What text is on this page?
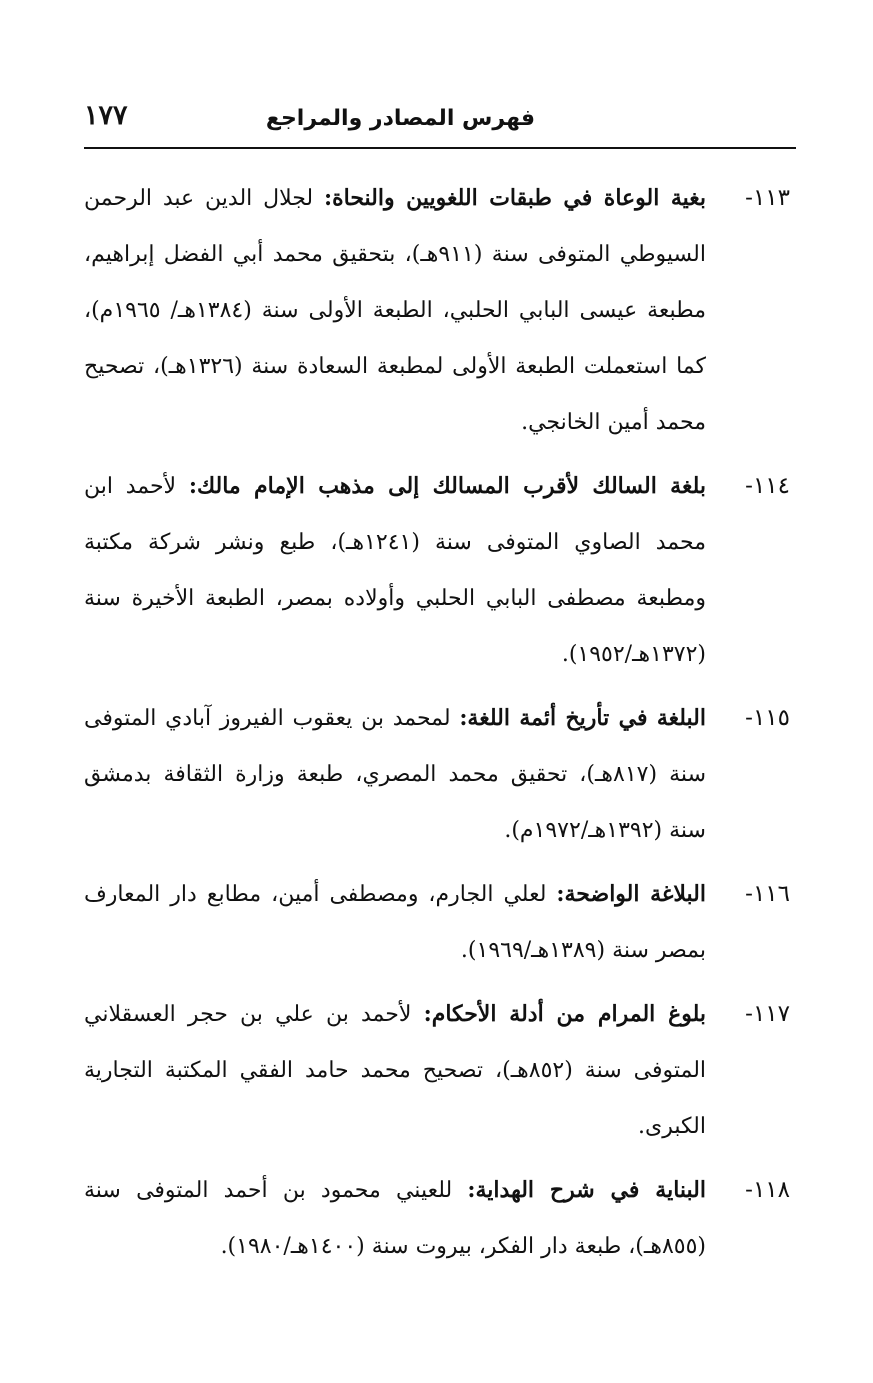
١٧٧	فهرس المصادر والمراجع
١١٣-
بغية الوعاة في طبقات اللغويين والنحاة: لجلال الدين عبد الرحمن السيوطي المتوفى سنة (٩١١هـ)، بتحقيق محمد أبي الفضل إبراهيم، مطبعة عيسى البابي الحلبي، الطبعة الأولى سنة (١٣٨٤هـ/ ١٩٦٥م)، كما استعملت الطبعة الأولى لمطبعة السعادة سنة (١٣٢٦هـ)، تصحيح محمد أمين الخانجي.
١١٤-
بلغة السالك لأقرب المسالك إلى مذهب الإمام مالك: لأحمد ابن محمد الصاوي المتوفى سنة (١٢٤١هـ)، طبع ونشر شركة مكتبة ومطبعة مصطفى البابي الحلبي وأولاده بمصر، الطبعة الأخيرة سنة (١٣٧٢هـ/١٩٥٢).
١١٥-
البلغة في تأريخ أئمة اللغة: لمحمد بن يعقوب الفيروز آبادي المتوفى سنة (٨١٧هـ)، تحقيق محمد المصري، طبعة وزارة الثقافة بدمشق سنة (١٣٩٢هـ/١٩٧٢م).
١١٦-
البلاغة الواضحة: لعلي الجارم، ومصطفى أمين، مطابع دار المعارف بمصر سنة (١٣٨٩هـ/١٩٦٩).
١١٧-
بلوغ المرام من أدلة الأحكام: لأحمد بن علي بن حجر العسقلاني المتوفى سنة (٨٥٢هـ)، تصحيح محمد حامد الفقي المكتبة التجارية الكبرى.
١١٨-
البناية في شرح الهداية: للعيني محمود بن أحمد المتوفى سنة (٨٥٥هـ)، طبعة دار الفكر، بيروت سنة (١٤٠٠هـ/١٩٨٠).
